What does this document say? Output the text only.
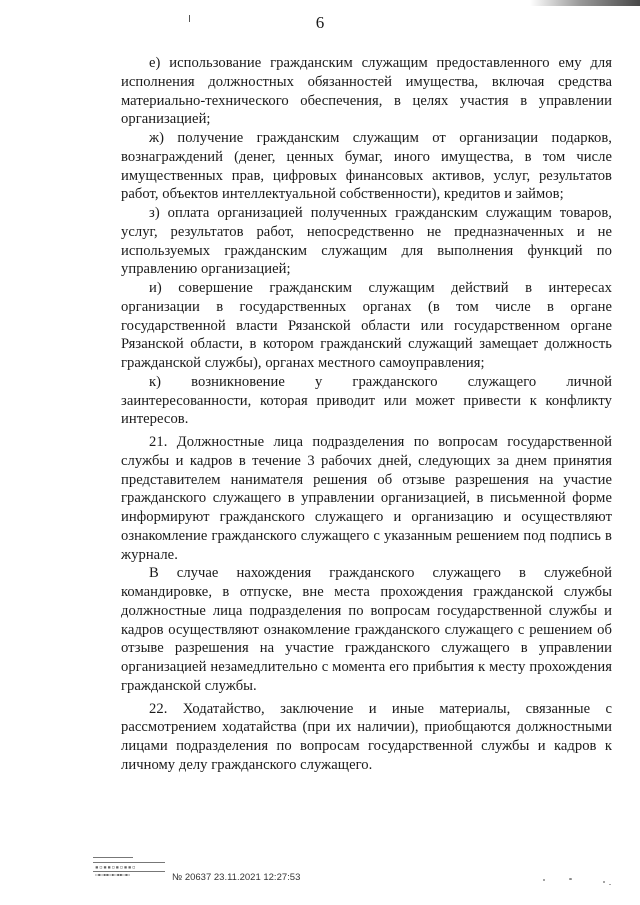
6

е) использование гражданским служащим предоставленного ему для исполнения должностных обязанностей имущества, включая средства материально-технического обеспечения, в целях участия в управлении организацией;

ж) получение гражданским служащим от организации подарков, вознаграждений (денег, ценных бумаг, иного имущества, в том числе имущественных прав, цифровых финансовых активов, услуг, результатов работ, объектов интеллектуальной собственности), кредитов и займов;

з) оплата организацией полученных гражданским служащим товаров, услуг, результатов работ, непосредственно не предназначенных и не используемых гражданским служащим для выполнения функций по управлению организацией;

и) совершение гражданским служащим действий в интересах организации в государственных органах (в том числе в органе государственной власти Рязанской области или государственном органе Рязанской области, в котором гражданский служащий замещает должность гражданской службы), органах местного самоуправления;

к) возникновение у гражданского служащего личной заинтересованности, которая приводит или может привести к конфликту интересов.

21. Должностные лица подразделения по вопросам государственной службы и кадров в течение 3 рабочих дней, следующих за днем принятия представителем нанимателя решения об отзыве разрешения на участие гражданского служащего в управлении организацией, в письменной форме информируют гражданского служащего и организацию и осуществляют ознакомление гражданского служащего с указанным решением под подпись в журнале.

В случае нахождения гражданского служащего в служебной командировке, в отпуске, вне места прохождения гражданской службы должностные лица подразделения по вопросам государственной службы и кадров осуществляют ознакомление гражданского служащего с решением об отзыве разрешения на участие гражданского служащего в управлении организацией незамедлительно с момента его прибытия к месту прохождения гражданской службы.

22. Ходатайство, заключение и иные материалы, связанные с рассмотрением ходатайства (при их наличии), приобщаются должностными лицами подразделения по вопросам государственной службы и кадров к личному делу гражданского служащего.

▪▫▪▪▫▪▫▪▪▫
▫▪▫▪▪▫▪▫▪▪▫▪▫	№ 20637 23.11.2021 12:27:53
